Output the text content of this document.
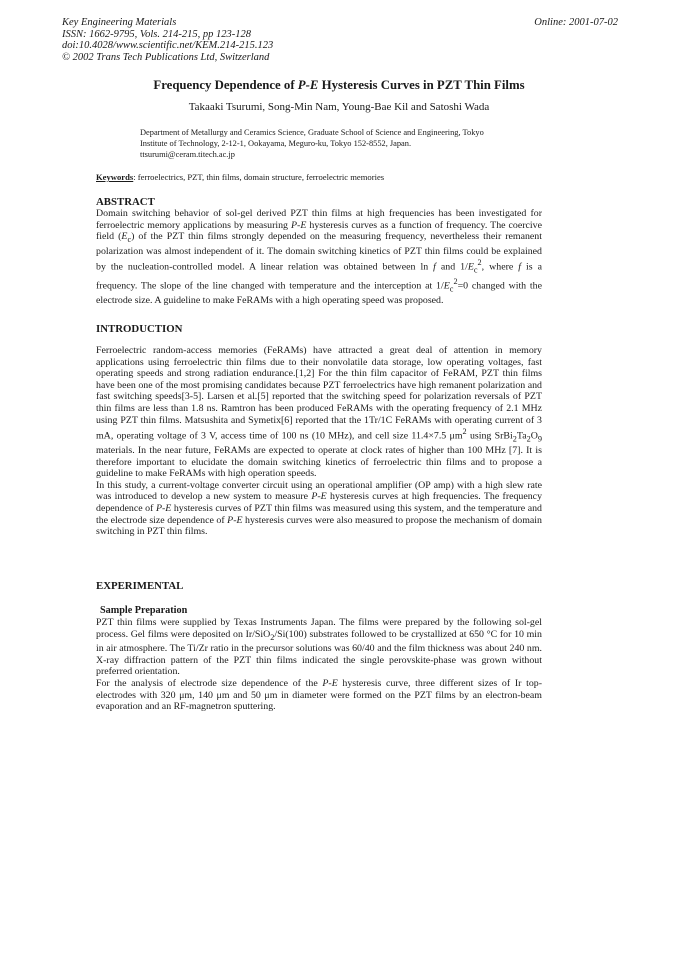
Key Engineering Materials
ISSN: 1662-9795, Vols. 214-215, pp 123-128
doi:10.4028/www.scientific.net/KEM.214-215.123
© 2002 Trans Tech Publications Ltd, Switzerland
Online: 2001-07-02
Frequency Dependence of P-E Hysteresis Curves in PZT Thin Films
Takaaki Tsurumi, Song-Min Nam, Young-Bae Kil and Satoshi Wada
Department of Metallurgy and Ceramics Science, Graduate School of Science and Engineering, Tokyo Institute of Technology, 2-12-1, Ookayama, Meguro-ku, Tokyo 152-8552, Japan.
ttsurumi@ceram.titech.ac.jp
Keywords: ferroelectrics, PZT, thin films, domain structure, ferroelectric memories
ABSTRACT

Domain switching behavior of sol-gel derived PZT thin films at high frequencies has been investigated for ferroelectric memory applications by measuring P-E hysteresis curves as a function of frequency. The coercive field $(E_c)$ of the PZT thin films strongly depended on the measuring frequency, nevertheless their remanent polarization was almost independent of it. The domain switching kinetics of PZT thin films could be explained by the nucleation-controlled model. A linear relation was obtained between ln f and $1/E_c^2$, where f is a frequency. The slope of the line changed with temperature and the interception at $1/E_c^2=0$ changed with the electrode size. A guideline to make FeRAMs with a high operating speed was proposed.

INTRODUCTION

Ferroelectric random-access memories (FeRAMs) have attracted a great deal of attention in memory applications using ferroelectric thin films due to their nonvolatile data storage, low operating voltages, fast operating speeds and strong radiation endurance.[1,2] For the thin film capacitor of FeRAM, PZT thin films have been one of the most promising candidates because PZT ferroelectrics have high remanent polarization and fast switching speeds[3-5]. Larsen et al.[5] reported that the switching speed for polarization reversals of PZT thin films are less than 1.8 ns. Ramtron has been produced FeRAMs with the operating frequency of 2.1 MHz using PZT thin films. Matsushita and Symetix[6] reported that the 1Tr/1C FeRAMs with operating current of 3 mA, operating voltage of 3 V, access time of 100 ns (10 MHz), and cell size 11.4×7.5 $\mu m^2$ using $SrBi_2Ta_2O_9$ materials. In the near future, FeRAMs are expected to operate at clock rates of higher than 100 MHz [7]. It is therefore important to elucidate the domain switching kinetics of ferroelectric thin films and to propose a guideline to make FeRAMs with high operation speeds.

In this study, a current-voltage converter circuit using an operational amplifier (OP amp) with a high slew rate was introduced to develop a new system to measure P-E hysteresis curves at high frequencies. The frequency dependence of P-E hysteresis curves of PZT thin films was measured using this system, and the temperature and the electrode size dependence of P-E hysteresis curves were also measured to propose the mechanism of domain switching in PZT thin films.

EXPERIMENTAL
Sample Preparation

PZT thin films were supplied by Texas Instruments Japan. The films were prepared by the following sol-gel process. Gel films were deposited on Ir/SiO$_2$/Si(100) substrates followed to be crystallized at 650 °C for 10 min in air atmosphere. The Ti/Zr ratio in the precursor solutions was 60/40 and the film thickness was about 240 nm. X-ray diffraction pattern of the PZT thin films indicated the single perovskite-phase was grown without preferred orientation.

For the analysis of electrode size dependence of the P-E hysteresis curve, three different sizes of Ir top-electrodes with 320 μm, 140 μm and 50 μm in diameter were formed on the PZT films by an electron-beam evaporation and an RF-magnetron sputtering.
